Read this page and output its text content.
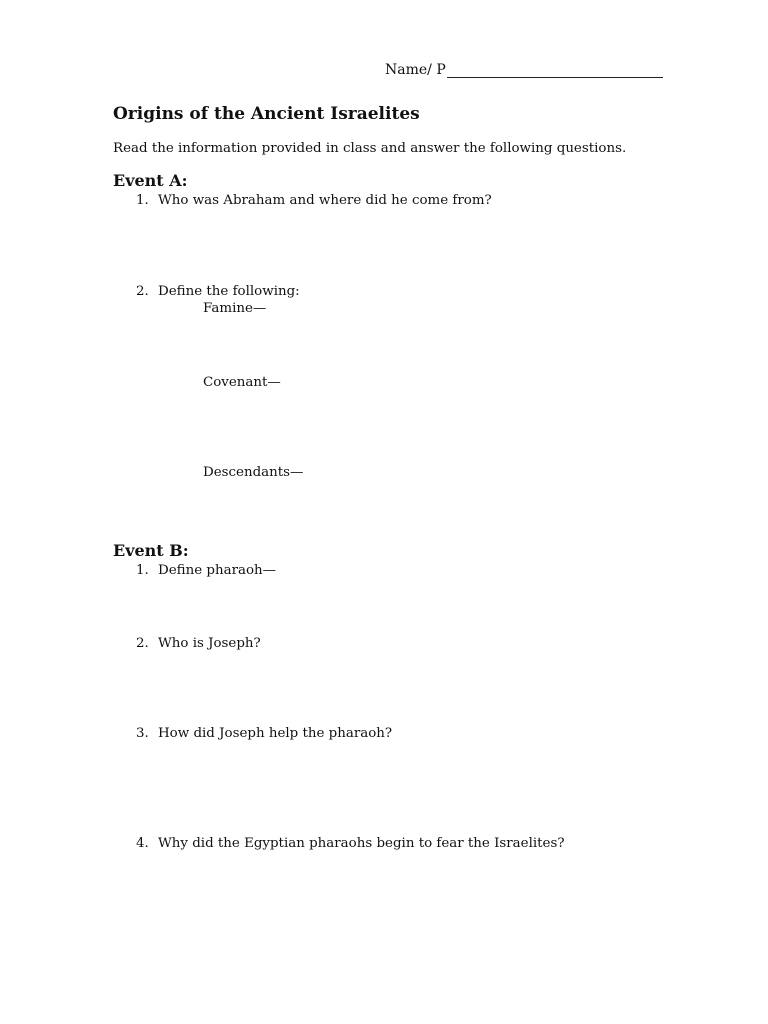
Name/ P
Origins of the Ancient Israelites
Read the information provided in class and answer the following questions.
Event A:
1. Who was Abraham and where did he come from?
2. Define the following:
Famine—
Covenant—
Descendants—
Event B:
1. Define pharaoh—
2. Who is Joseph?
3. How did Joseph help the pharaoh?
4. Why did the Egyptian pharaohs begin to fear the Israelites?
